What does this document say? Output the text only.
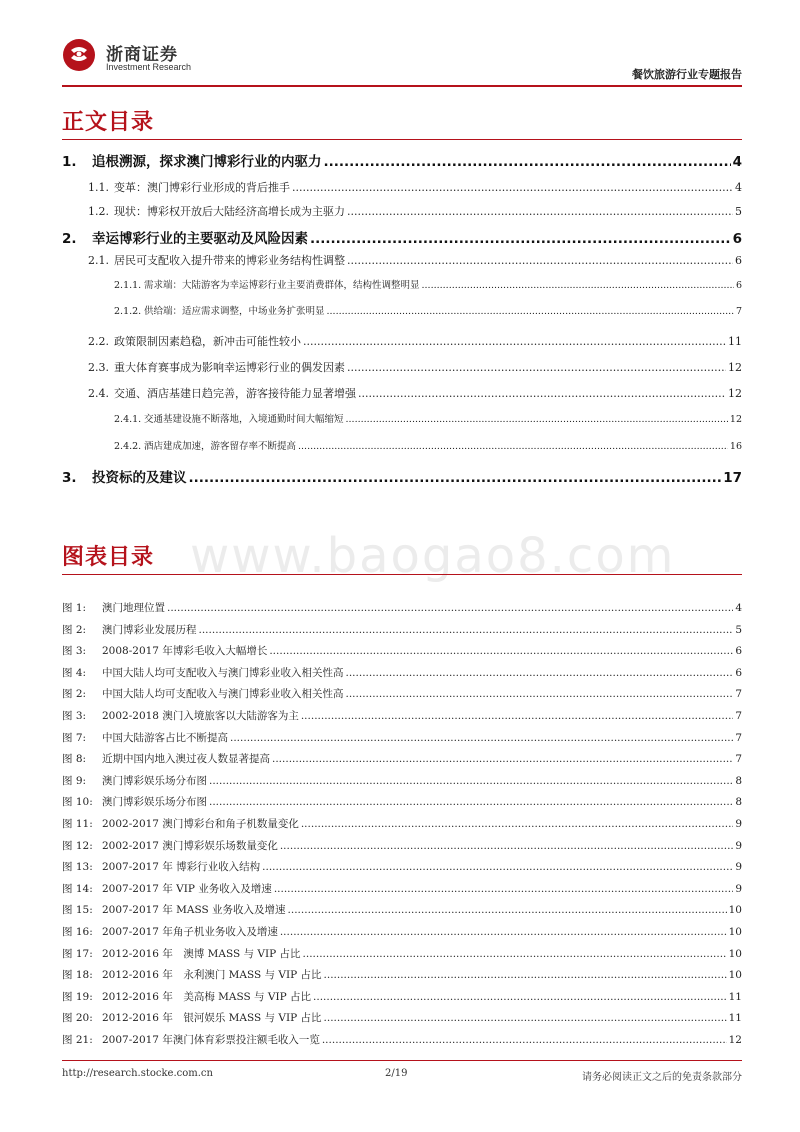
浙商证券
Investment Research
餐饮旅游行业专题报告
正文目录
1.	追根溯源，探求澳门博彩行业的内驱力 .....	4
1.1. 变革：澳门博彩行业形成的背后推手 .....	4
1.2. 现状：博彩权开放后大陆经济高增长成为主驱力 .....	5
2.	幸运博彩行业的主要驱动及风险因素 .....	6
2.1. 居民可支配收入提升带来的博彩业务结构性调整 .....	6
2.1.1. 需求端：大陆游客为幸运博彩行业主要消费群体，结构性调整明显 .....	6
2.1.2. 供给端：适应需求调整，中场业务扩张明显 .....	7
2.2. 政策限制因素趋稳，新冲击可能性较小 .....	11
2.3. 重大体育赛事成为影响幸运博彩行业的偶发因素 .....	12
2.4. 交通、酒店基建日趋完善，游客接待能力显著增强 .....	12
2.4.1. 交通基建设施不断落地，入境通勤时间大幅缩短 .....	12
2.4.2. 酒店建成加速，游客留存率不断提高 .....	16
3.	投资标的及建议 .....	17
www.baogao8.com
图表目录
图 1:	澳门地理位置 .....	4
图 2:	澳门博彩业发展历程 .....	5
图 3:	2008-2017 年博彩毛收入大幅增长 .....	6
图 4:	中国大陆人均可支配收入与澳门博彩业收入相关性高 .....	6
图 2:	中国大陆人均可支配收入与澳门博彩业收入相关性高 .....	7
图 3:	2002-2018 澳门入境旅客以大陆游客为主 .....	7
图 7:	中国大陆游客占比不断提高 .....	7
图 8:	近期中国内地入澳过夜人数显著提高 .....	7
图 9:	澳门博彩娱乐场分布图 .....	8
图 10: 澳门博彩娱乐场分布图 .....	8
图 11: 2002-2017 澳门博彩台和角子机数量变化 .....	9
图 12: 2002-2017 澳门博彩娱乐场数量变化 .....	9
图 13: 2007-2017 年 博彩行业收入结构 .....	9
图 14: 2007-2017 年 VIP 业务收入及增速 .....	9
图 15: 2007-2017 年 MASS 业务收入及增速 .....	10
图 16: 2007-2017 年角子机业务收入及增速 .....	10
图 17: 2012-2016 年　澳博 MASS 与 VIP 占比 .....	10
图 18: 2012-2016 年　永利澳门 MASS 与 VIP 占比 .....	10
图 19: 2012-2016 年　美高梅 MASS 与 VIP 占比 .....	11
图 20: 2012-2016 年　银河娱乐 MASS 与 VIP 占比 .....	11
图 21: 2007-2017 年澳门体育彩票投注额毛收入一览 .....	12
http://research.stocke.com.cn	2/19	请务必阅读正文之后的免责条款部分
